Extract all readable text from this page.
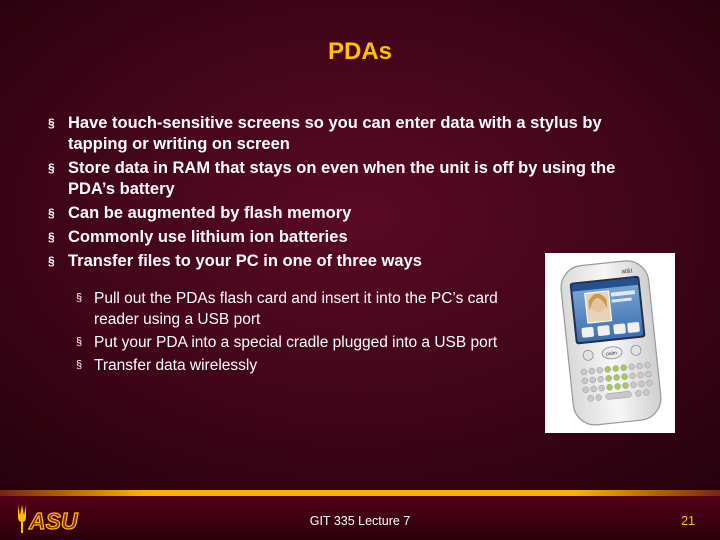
PDAs
§ Have touch-sensitive screens so you can enter data with a stylus by tapping or writing on screen
§ Store data in RAM that stays on even when the unit is off by using the PDA’s battery
§ Can be augmented by flash memory
§ Commonly use lithium ion batteries
§ Transfer files to your PC in one of three ways
§ Pull out the PDAs flash card and insert it into the PC’s card reader using a USB port
§ Put your PDA into a special cradle plugged into a USB port
§ Transfer data wirelessly
at&t
palm
ASU	GIT 335 Lecture 7	21
